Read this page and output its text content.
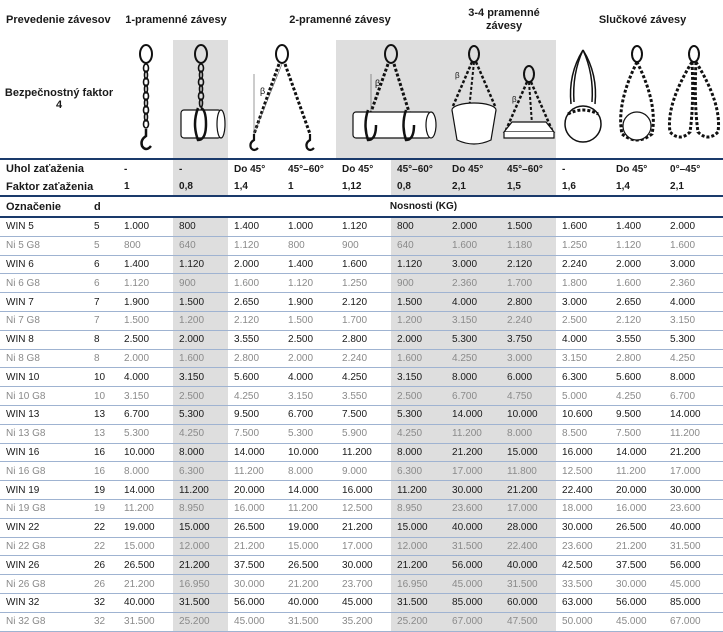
Prevedenie závesov		1-pramenné závesy		2-pramenné závesy				3-4 pramenné závesy		Slučkové závesy		
Bezpečnostný faktor 4				β		β		β	β

Uhol zaťaženia		-	-	Do 45°	45°–60°	Do 45°	45°–60°	Do 45°	45°–60°	-	Do 45°	0°–45°
Faktor zaťaženia		1	0,8	1,4	1	1,12	0,8	2,1	1,5	1,6	1,4	2,1
Označenie	d	Nosnosti (KG)										
WIN 5	5	1.000	800	1.400	1.000	1.120	800	2.000	1.500	1.600	1.400	2.000
Ni 5 G8	5	800	640	1.120	800	900	640	1.600	1.180	1.250	1.120	1.600
WIN 6	6	1.400	1.120	2.000	1.400	1.600	1.120	3.000	2.120	2.240	2.000	3.000
Ni 6 G8	6	1.120	900	1.600	1.120	1.250	900	2.360	1.700	1.800	1.600	2.360
WIN 7	7	1.900	1.500	2.650	1.900	2.120	1.500	4.000	2.800	3.000	2.650	4.000
Ni 7 G8	7	1.500	1.200	2.120	1.500	1.700	1.200	3.150	2.240	2.500	2.120	3.150
WIN 8	8	2.500	2.000	3.550	2.500	2.800	2.000	5.300	3.750	4.000	3.550	5.300
Ni 8 G8	8	2.000	1.600	2.800	2.000	2.240	1.600	4.250	3.000	3.150	2.800	4.250
WIN 10	10	4.000	3.150	5.600	4.000	4.250	3.150	8.000	6.000	6.300	5.600	8.000
Ni 10 G8	10	3.150	2.500	4.250	3.150	3.550	2.500	6.700	4.750	5.000	4.250	6.700
WIN 13	13	6.700	5.300	9.500	6.700	7.500	5.300	14.000	10.000	10.600	9.500	14.000
Ni 13 G8	13	5.300	4.250	7.500	5.300	5.900	4.250	11.200	8.000	8.500	7.500	11.200
WIN 16	16	10.000	8.000	14.000	10.000	11.200	8.000	21.200	15.000	16.000	14.000	21.200
Ni 16 G8	16	8.000	6.300	11.200	8.000	9.000	6.300	17.000	11.800	12.500	11.200	17.000
WIN 19	19	14.000	11.200	20.000	14.000	16.000	11.200	30.000	21.200	22.400	20.000	30.000
Ni 19 G8	19	11.200	8.950	16.000	11.200	12.500	8.950	23.600	17.000	18.000	16.000	23.600
WIN 22	22	19.000	15.000	26.500	19.000	21.200	15.000	40.000	28.000	30.000	26.500	40.000
Ni 22 G8	22	15.000	12.000	21.200	15.000	17.000	12.000	31.500	22.400	23.600	21.200	31.500
WIN 26	26	26.500	21.200	37.500	26.500	30.000	21.200	56.000	40.000	42.500	37.500	56.000
Ni 26 G8	26	21.200	16.950	30.000	21.200	23.700	16.950	45.000	31.500	33.500	30.000	45.000
WIN 32	32	40.000	31.500	56.000	40.000	45.000	31.500	85.000	60.000	63.000	56.000	85.000
Ni 32 G8	32	31.500	25.200	45.000	31.500	35.200	25.200	67.000	47.500	50.000	45.000	67.000
